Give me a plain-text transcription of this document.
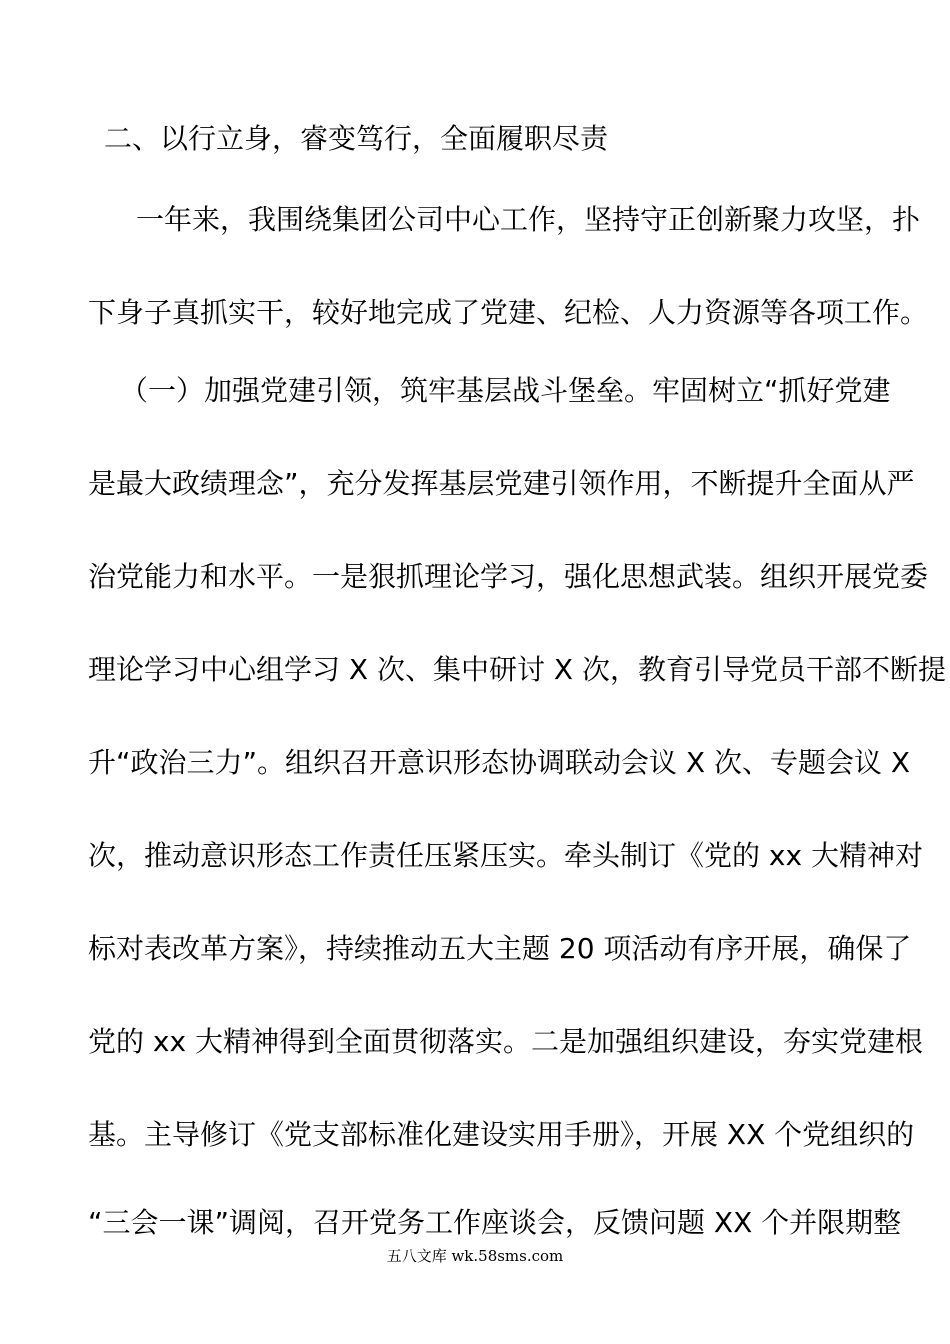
二、以行立身，睿变笃行，全面履职尽责
一年来，我围绕集团公司中心工作，坚持守正创新聚力攻坚，扑
下身子真抓实干，较好地完成了党建、纪检、人力资源等各项工作。
（一）加强党建引领，筑牢基层战斗堡垒。牢固树立“抓好党建
是最大政绩理念”，充分发挥基层党建引领作用，不断提升全面从严
治党能力和水平。一是狠抓理论学习，强化思想武装。组织开展党委
理论学习中心组学习 X 次、集中研讨 X 次，教育引导党员干部不断提
升“政治三力”。组织召开意识形态协调联动会议 X 次、专题会议 X
次，推动意识形态工作责任压紧压实。牵头制订《党的 xx 大精神对
标对表改革方案》，持续推动五大主题 20 项活动有序开展，确保了
党的 xx 大精神得到全面贯彻落实。二是加强组织建设，夯实党建根
基。主导修订《党支部标准化建设实用手册》，开展 XX 个党组织的
“三会一课”调阅，召开党务工作座谈会，反馈问题 XX 个并限期整
五八文库 wk.58sms.com
